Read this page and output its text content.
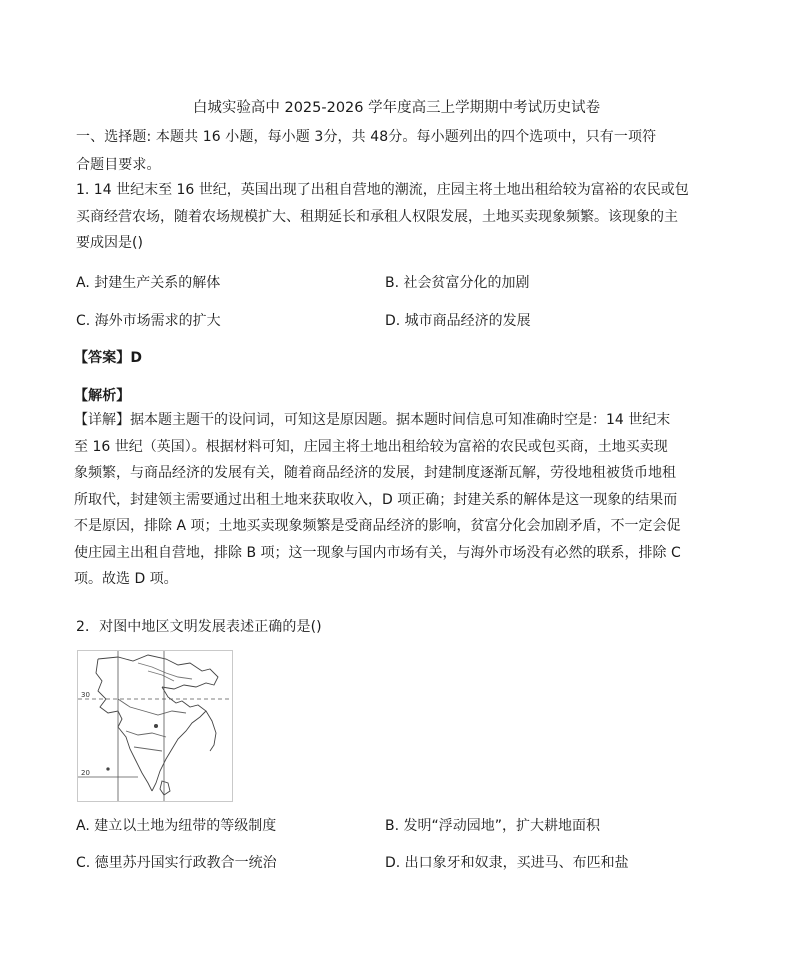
白城实验高中 2025-2026 学年度高三上学期期中考试历史试卷
一、选择题: 本题共 16 小题，每小题 3分，共 48分。每小题列出的四个选项中，只有一项符
合题目要求。
1. 14 世纪末至 16 世纪，英国出现了出租自营地的潮流，庄园主将土地出租给较为富裕的农民或包
买商经营农场，随着农场规模扩大、租期延长和承租人权限发展，土地买卖现象频繁。该现象的主
要成因是()
A. 封建生产关系的解体	B. 社会贫富分化的加剧
C. 海外市场需求的扩大	D. 城市商品经济的发展
【答案】D
【解析】
【详解】据本题主题干的设问词，可知这是原因题。据本题时间信息可知准确时空是：14 世纪末
至 16 世纪（英国）。根据材料可知，庄园主将土地出租给较为富裕的农民或包买商，土地买卖现
象频繁，与商品经济的发展有关，随着商品经济的发展，封建制度逐渐瓦解，劳役地租被货币地租
所取代，封建领主需要通过出租土地来获取收入，D 项正确；封建关系的解体是这一现象的结果而
不是原因，排除 A 项；土地买卖现象频繁是受商品经济的影响，贫富分化会加剧矛盾，不一定会促
使庄园主出租自营地，排除 B 项；这一现象与国内市场有关，与海外市场没有必然的联系，排除 C
项。故选 D 项。
2．对图中地区文明发展表述正确的是()
30
20
A. 建立以土地为纽带的等级制度	B. 发明“浮动园地”，扩大耕地面积
C. 德里苏丹国实行政教合一统治	D. 出口象牙和奴隶，买进马、布匹和盐
